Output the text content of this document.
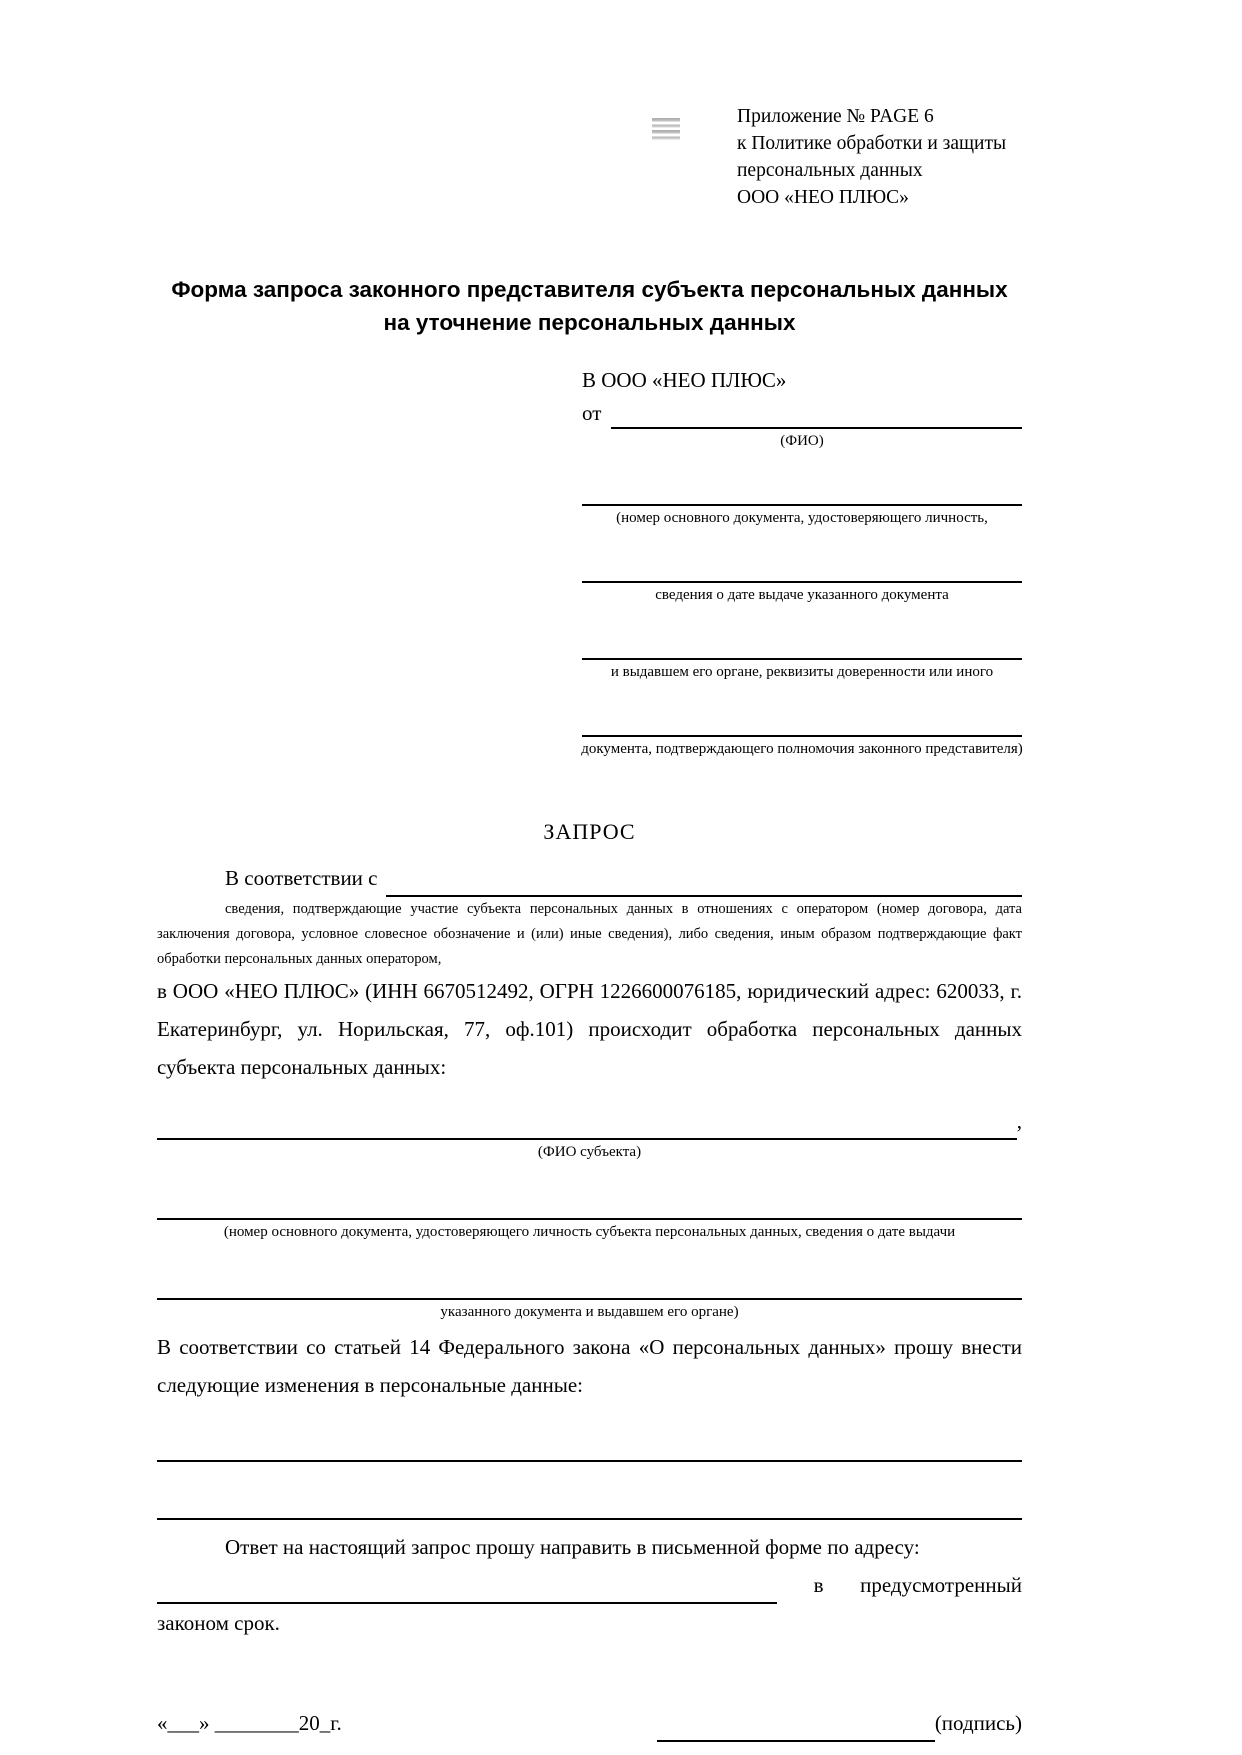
Приложение № PAGE 6
к Политике обработки и защиты
персональных данных
ООО «НЕО ПЛЮС»
Форма запроса законного представителя субъекта персональных данных
на уточнение персональных данных
В ООО «НЕО ПЛЮС»
от
(ФИО)
(номер основного документа, удостоверяющего личность,
сведения о дате выдаче указанного документа
и выдавшем его органе, реквизиты доверенности или иного
документа, подтверждающего полномочия законного представителя)
ЗАПРОС
В соответствии с

сведения, подтверждающие участие субъекта персональных данных в отношениях с оператором (номер договора, дата заключения договора, условное словесное обозначение и (или) иные сведения), либо сведения, иным образом подтверждающие факт обработки персональных данных оператором,

в ООО «НЕО ПЛЮС» (ИНН 6670512492, ОГРН 1226600076185, юридический адрес: 620033, г. Екатеринбург, ул. Норильская, 77, оф.101) происходит обработка персональных данных субъекта персональных данных:

,
(ФИО субъекта)
(номер основного документа, удостоверяющего личность субъекта персональных данных, сведения о дате выдачи
указанного документа и выдавшем его органе)

В соответствии со статьей 14 Федерального закона «О персональных данных» прошу внести следующие изменения в персональные данные:

Ответ на настоящий запрос прошу направить в письменной форме по адресу:

в	предусмотренный

законом срок.

«___» ________20_г.	(подпись)
